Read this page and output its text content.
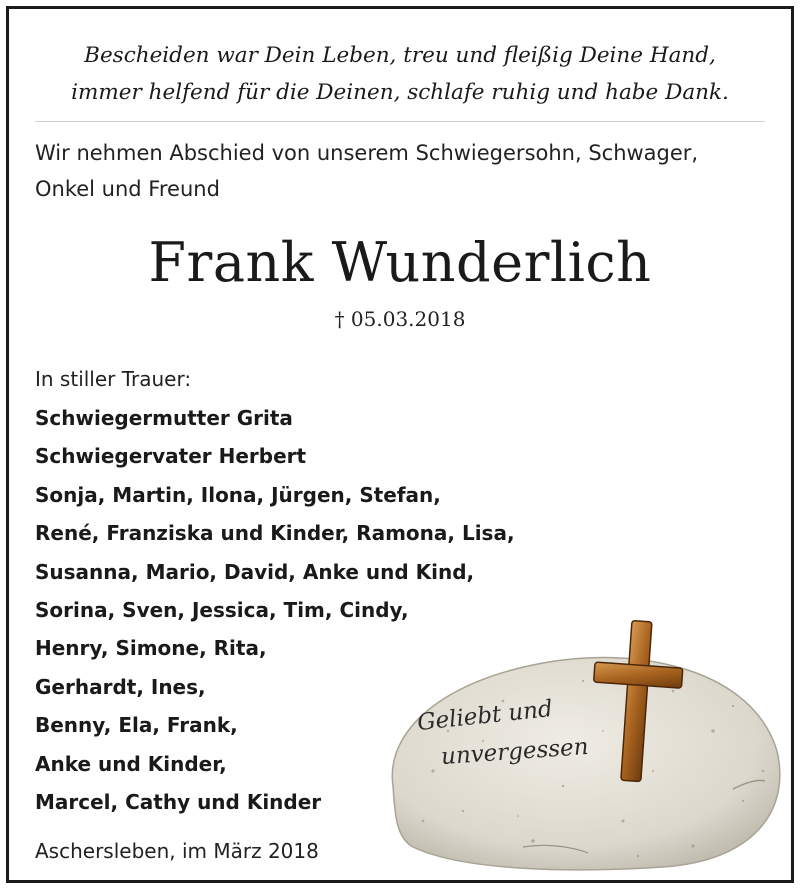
Bescheiden war Dein Leben, treu und fleißig Deine Hand,
immer helfend für die Deinen, schlafe ruhig und habe Dank.
Wir nehmen Abschied von unserem Schwiegersohn, Schwager,
Onkel und Freund
Frank Wunderlich
† 05.03.2018
In stiller Trauer:
Schwiegermutter Grita
Schwiegervater Herbert
Sonja, Martin, Ilona, Jürgen, Stefan,
René, Franziska und Kinder, Ramona, Lisa,
Susanna, Mario, David, Anke und Kind,
Sorina, Sven, Jessica, Tim, Cindy,
Henry, Simone, Rita,
Gerhardt, Ines,
Benny, Ela, Frank,
Anke und Kinder,
Marcel, Cathy und Kinder
Aschersleben, im März 2018
Geliebt und
unvergessen
